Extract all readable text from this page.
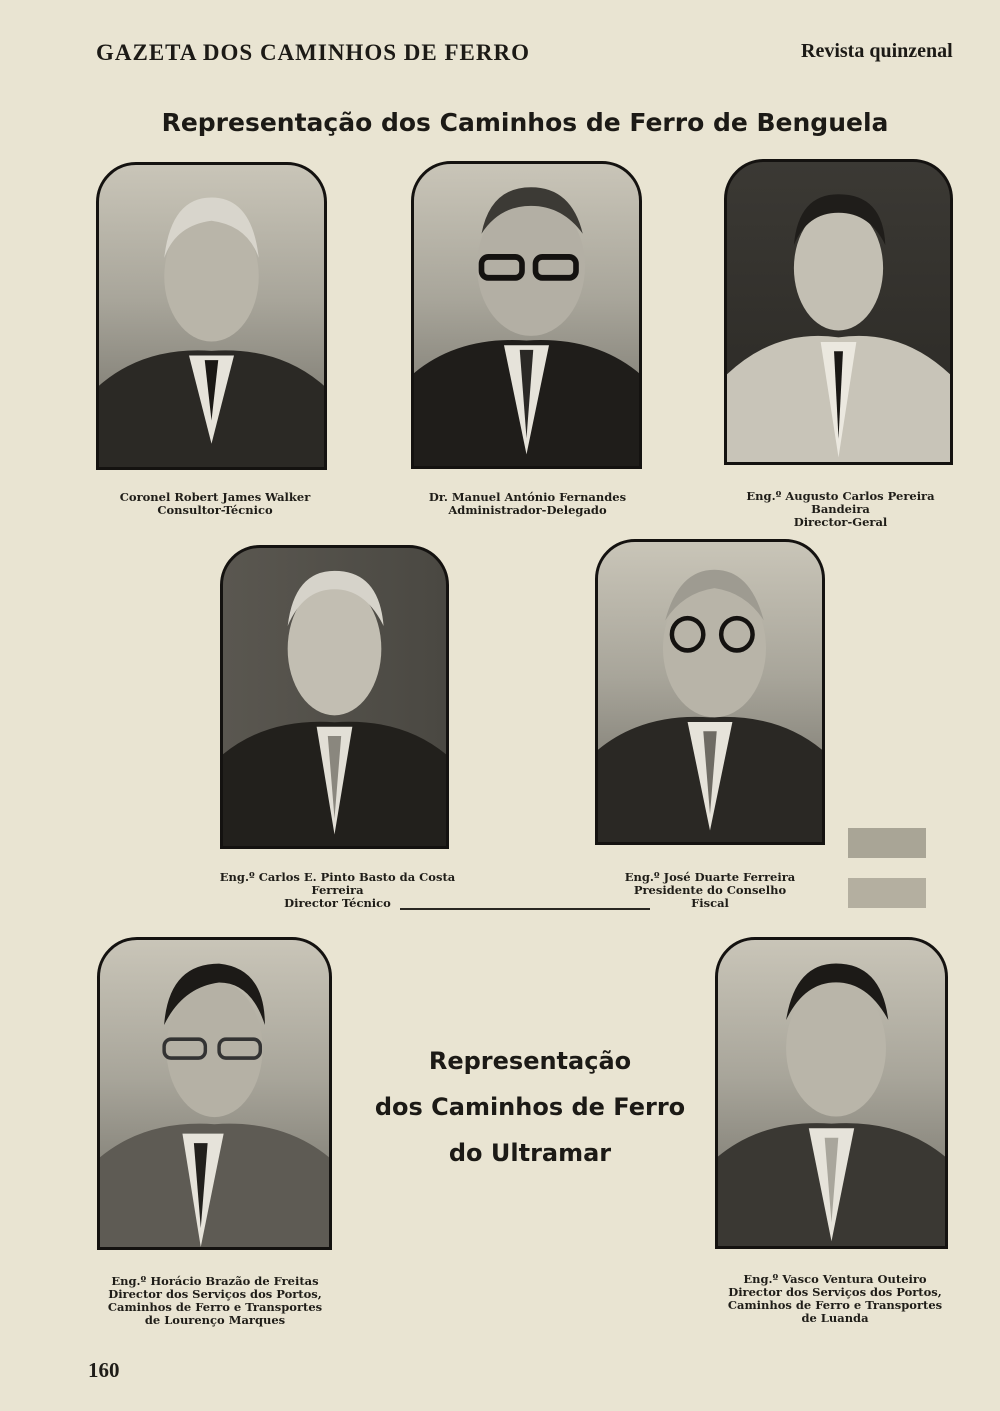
GAZETA DOS CAMINHOS DE FERRO	Revista quinzenal
Representação dos Caminhos de Ferro de Benguela
Coronel Robert James Walker
Consultor-Técnico
Dr. Manuel António Fernandes
Administrador-Delegado
Eng.º Augusto Carlos Pereira Bandeira
Director-Geral
Eng.º Carlos E. Pinto Basto da Costa
Ferreira
Director Técnico
Eng.º José Duarte Ferreira
Presidente do Conselho
Fiscal
Representação
dos Caminhos de Ferro
do Ultramar
Eng.º Horácio Brazão de Freitas
Director dos Serviços dos Portos,
Caminhos de Ferro e Transportes
de Lourenço Marques
Eng.º Vasco Ventura Outeiro
Director dos Serviços dos Portos,
Caminhos de Ferro e Transportes
de Luanda
160
